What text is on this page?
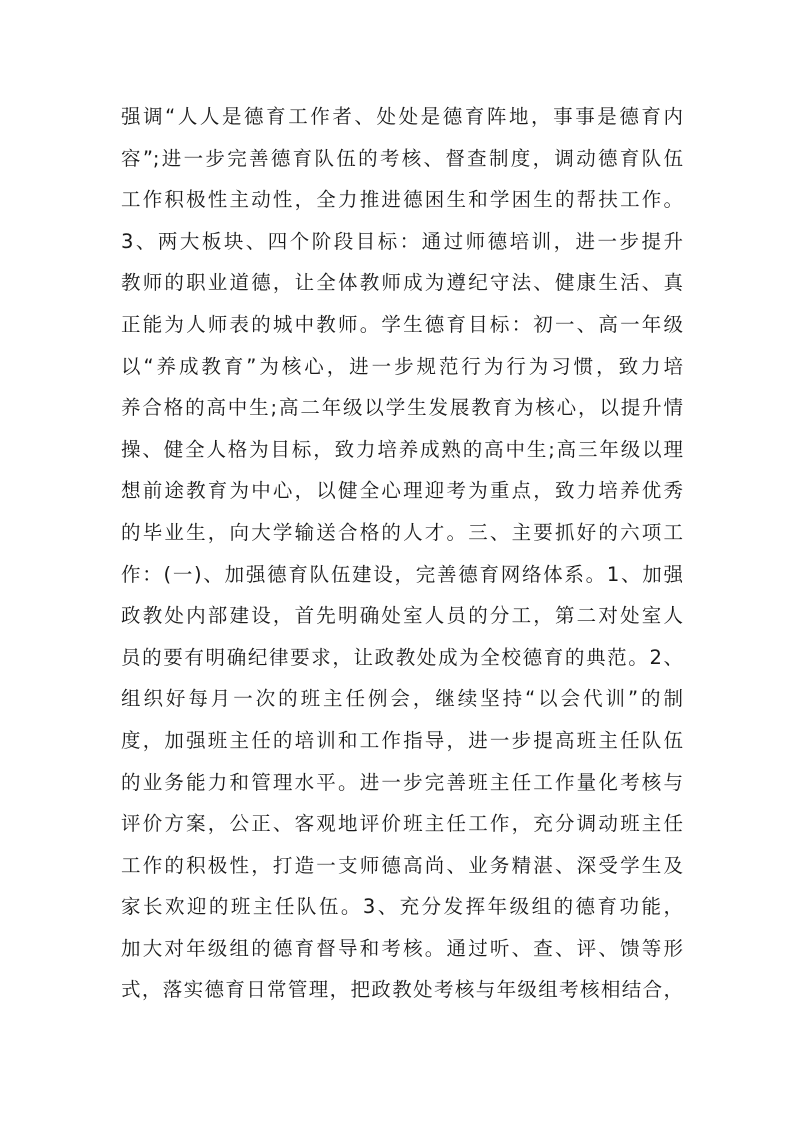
强调“人人是德育工作者、处处是德育阵地，事事是德育内
容”;进一步完善德育队伍的考核、督查制度，调动德育队伍
工作积极性主动性，全力推进德困生和学困生的帮扶工作。
3、两大板块、四个阶段目标：通过师德培训，进一步提升
教师的职业道德，让全体教师成为遵纪守法、健康生活、真
正能为人师表的城中教师。学生德育目标：初一、高一年级
以“养成教育”为核心，进一步规范行为行为习惯，致力培
养合格的高中生;高二年级以学生发展教育为核心，以提升情
操、健全人格为目标，致力培养成熟的高中生;高三年级以理
想前途教育为中心，以健全心理迎考为重点，致力培养优秀
的毕业生，向大学输送合格的人才。三、主要抓好的六项工
作：(一)、加强德育队伍建设，完善德育网络体系。1、加强
政教处内部建设，首先明确处室人员的分工，第二对处室人
员的要有明确纪律要求，让政教处成为全校德育的典范。2、
组织好每月一次的班主任例会，继续坚持“以会代训”的制
度，加强班主任的培训和工作指导，进一步提高班主任队伍
的业务能力和管理水平。进一步完善班主任工作量化考核与
评价方案，公正、客观地评价班主任工作，充分调动班主任
工作的积极性，打造一支师德高尚、业务精湛、深受学生及
家长欢迎的班主任队伍。3、充分发挥年级组的德育功能，
加大对年级组的德育督导和考核。通过听、查、评、馈等形
式，落实德育日常管理，把政教处考核与年级组考核相结合，
